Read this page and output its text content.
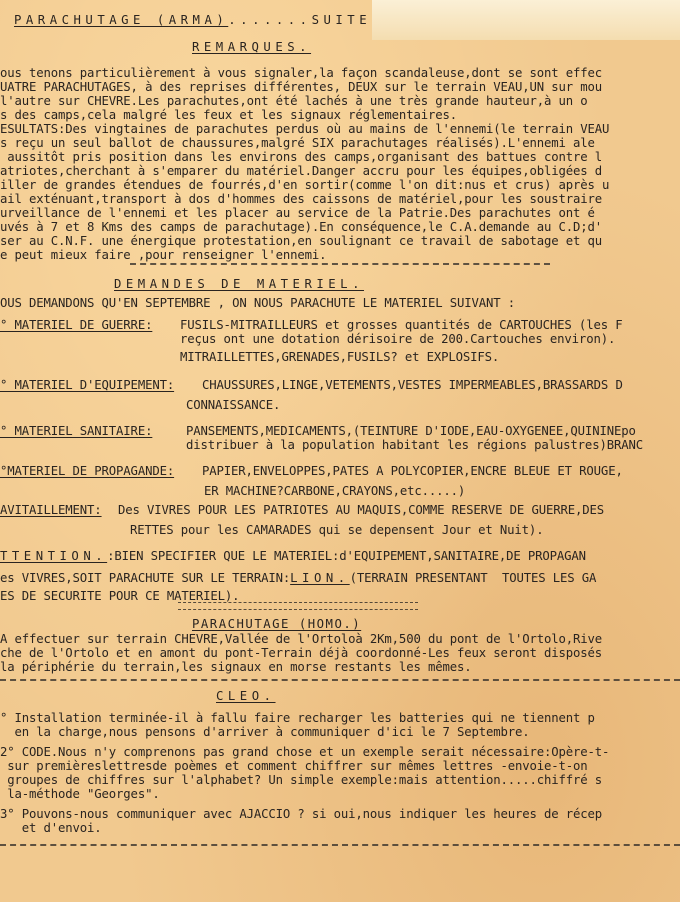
PARACHUTAGE (ARMA).......SUITE
REMARQUES.
ous tenons particulièrement à vous signaler,la façon scandaleuse,dont se sont effec
UATRE PARACHUTAGES, à des reprises différentes, DEUX sur le terrain VEAU,UN sur mou
l'autre sur CHEVRE.Les parachutes,ont été lachés à une très grande hauteur,à un o
s des camps,cela malgré les feux et les signaux réglementaires.
ESULTATS:Des vingtaines de parachutes perdus où au mains de l'ennemi(le terrain VEAU
s reçu un seul ballot de chaussures,malgré SIX parachutages réalisés).L'ennemi ale
aussitôt pris position dans les environs des camps,organisant des battues contre l
atriotes,cherchant à s'emparer du matériel.Danger accru pour les équipes,obligées d
iller de grandes étendues de fourrés,d'en sortir(comme l'on dit:nus et crus) après u
ail exténuant,transport à dos d'hommes des caissons de matériel,pour les soustraire
urveillance de l'ennemi et les placer au service de la Patrie.Des parachutes ont é
uvés à 7 et 8 Kms des camps de parachutage).En conséquence,le C.A.demande au C.D;d'
ser au C.N.F. une énergique protestation,en soulignant ce travail de sabotage et qu
e peut mieux faire ,pour renseigner l'ennemi.
DEMANDES DE MATERIEL.
OUS DEMANDONS QU'EN SEPTEMBRE , ON NOUS PARACHUTE LE MATERIEL SUIVANT :
° MATERIEL DE GUERRE: FUSILS-MITRAILLEURS et grosses quantités de CARTOUCHES (les F
reçus ont une dotation dérisoire de 200.Cartouches environ).
MITRAILLETTES,GRENADES,FUSILS? et EXPLOSIFS.
° MATERIEL D'EQUIPEMENT: CHAUSSURES,LINGE,VETEMENTS,VESTES IMPERMEABLES,BRASSARDS D
CONNAISSANCE.
° MATERIEL SANITAIRE:	PANSEMENTS,MEDICAMENTS,(TEINTURE D'IODE,EAU-OXYGENEE,QUININEpo
distribuer à la population habitant les régions palustres)BRANC
°MATERIEL DE PROPAGANDE: PAPIER,ENVELOPPES,PATES A POLYCOPIER,ENCRE BLEUE ET ROUGE,
ER MACHINE?CARBONE,CRAYONS,etc.....)
AVITAILLEMENT: Des VIVRES POUR LES PATRIOTES AU MAQUIS,COMME RESERVE DE GUERRE,DES
RETTES pour les CAMARADES qui se depensent Jour et Nuit).
TTENTION.:BIEN SPECIFIER QUE LE MATERIEL:d'EQUIPEMENT,SANITAIRE,DE PROPAGAN
es VIVRES,SOIT PARACHUTE SUR LE TERRAIN:LION.(TERRAIN PRESENTANT  TOUTES LES GA
ES DE SECURITE POUR CE MATERIEL).
PARACHUTAGE (HOMO.)
A effectuer sur terrain CHEVRE,Vallée de l'Ortoloà 2Km,500 du pont de l'Ortolo,Rive
che de l'Ortolo et en amont du pont-Terrain déjà coordonné-Les feux seront disposés
la périphérie du terrain,les signaux en morse restants les mêmes.
CLEO.
° Installation terminée-il à fallu faire recharger les batteries qui ne tiennent p
en la charge,nous pensons d'arriver à communiquer d'ici le 7 Septembre.
2° CODE.Nous n'y comprenons pas grand chose et un exemple serait nécessaire:Opère-t-
sur premièreslettresde poèmes et comment chiffrer sur mêmes lettres -envoie-t-on
groupes de chiffres sur l'alphabet? Un simple exemple:mais attention.....chiffré s
la-méthode "Georges".
3° Pouvons-nous communiquer avec AJACCIO ? si oui,nous indiquer les heures de récep
et d'envoi.
